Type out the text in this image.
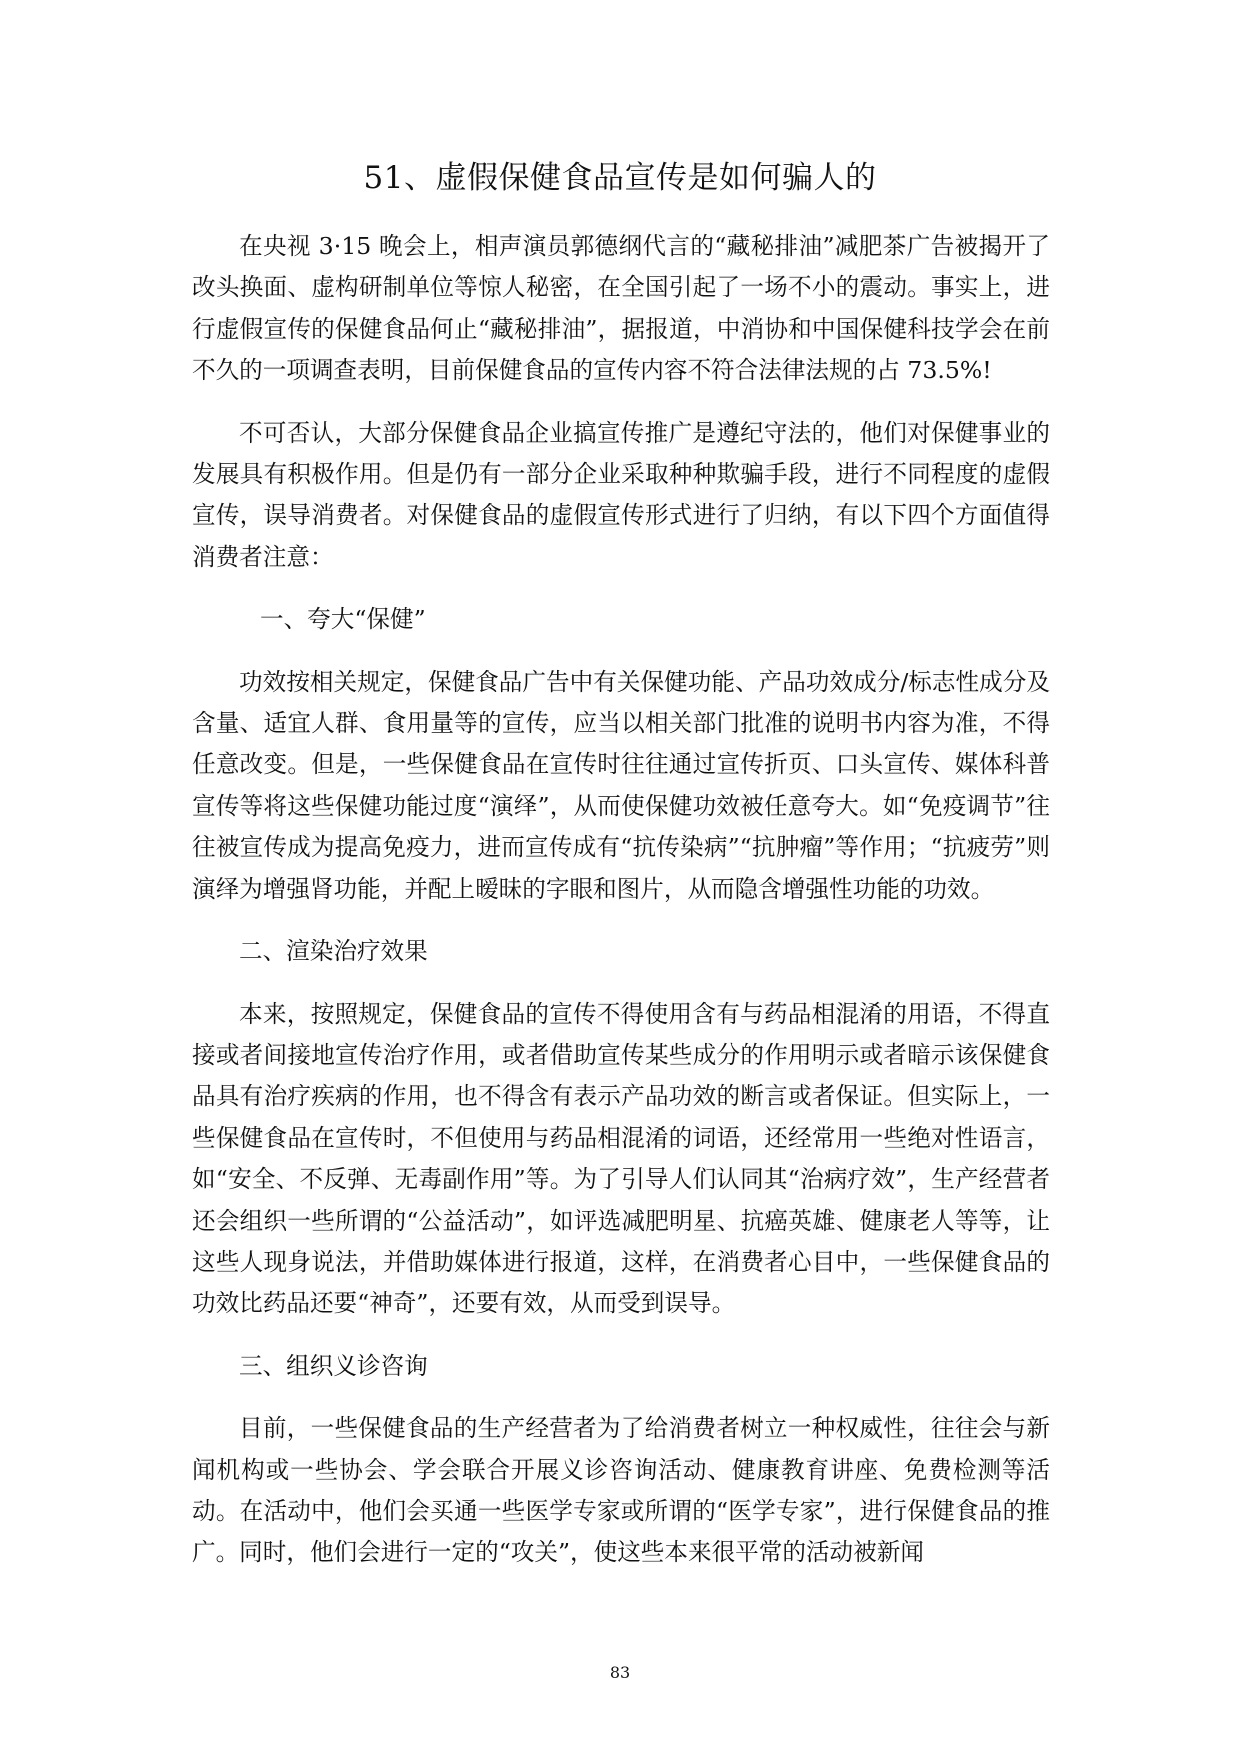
51、虚假保健食品宣传是如何骗人的

在央视 3·15 晚会上，相声演员郭德纲代言的“藏秘排油”减肥茶广告被揭开了改头换面、虚构研制单位等惊人秘密，在全国引起了一场不小的震动。事实上，进行虚假宣传的保健食品何止“藏秘排油”，据报道，中消协和中国保健科技学会在前不久的一项调查表明，目前保健食品的宣传内容不符合法律法规的占 73.5%!

不可否认，大部分保健食品企业搞宣传推广是遵纪守法的，他们对保健事业的发展具有积极作用。但是仍有一部分企业采取种种欺骗手段，进行不同程度的虚假宣传，误导消费者。对保健食品的虚假宣传形式进行了归纳，有以下四个方面值得消费者注意：

一、夸大“保健”

功效按相关规定，保健食品广告中有关保健功能、产品功效成分/标志性成分及含量、适宜人群、食用量等的宣传，应当以相关部门批准的说明书内容为准，不得任意改变。但是，一些保健食品在宣传时往往通过宣传折页、口头宣传、媒体科普宣传等将这些保健功能过度“演绎”，从而使保健功效被任意夸大。如“免疫调节”往往被宣传成为提高免疫力，进而宣传成有“抗传染病”“抗肿瘤”等作用；“抗疲劳”则演绎为增强肾功能，并配上暧昧的字眼和图片，从而隐含增强性功能的功效。

二、渲染治疗效果

本来，按照规定，保健食品的宣传不得使用含有与药品相混淆的用语，不得直接或者间接地宣传治疗作用，或者借助宣传某些成分的作用明示或者暗示该保健食品具有治疗疾病的作用，也不得含有表示产品功效的断言或者保证。但实际上，一些保健食品在宣传时，不但使用与药品相混淆的词语，还经常用一些绝对性语言，如“安全、不反弹、无毒副作用”等。为了引导人们认同其“治病疗效”，生产经营者还会组织一些所谓的“公益活动”，如评选减肥明星、抗癌英雄、健康老人等等，让这些人现身说法，并借助媒体进行报道，这样，在消费者心目中，一些保健食品的功效比药品还要“神奇”，还要有效，从而受到误导。

三、组织义诊咨询

目前，一些保健食品的生产经营者为了给消费者树立一种权威性，往往会与新闻机构或一些协会、学会联合开展义诊咨询活动、健康教育讲座、免费检测等活动。在活动中，他们会买通一些医学专家或所谓的“医学专家”，进行保健食品的推广。同时，他们会进行一定的“攻关”，使这些本来很平常的活动被新闻

83
